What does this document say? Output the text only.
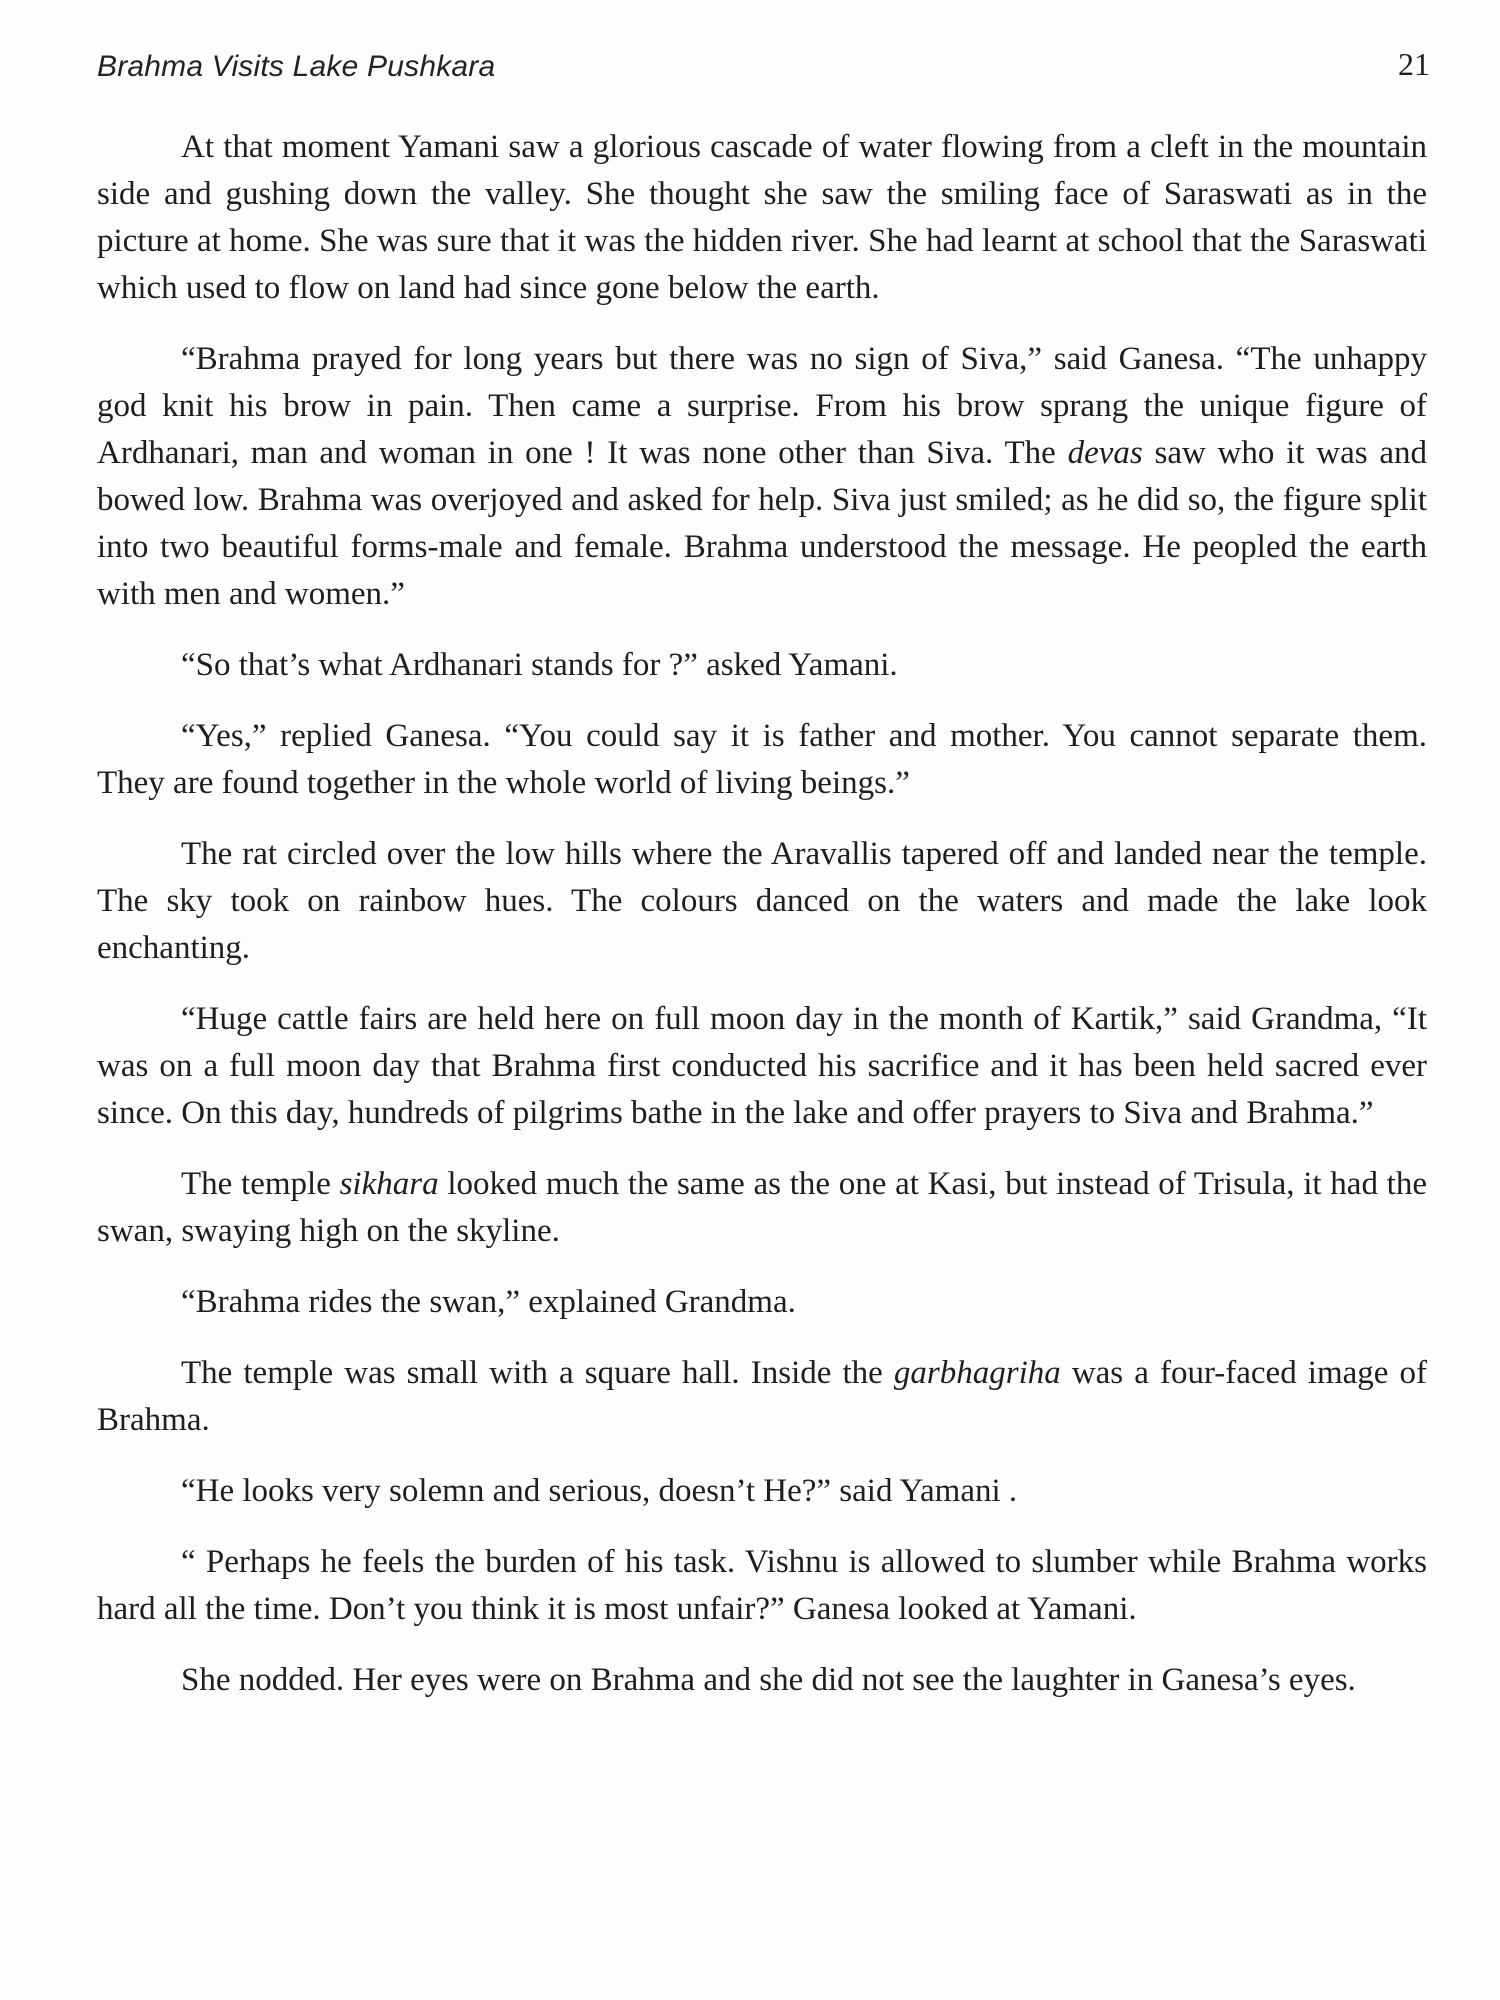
Brahma Visits Lake Pushkara	21

At that moment Yamani saw a glorious cascade of water flowing from a cleft in the mountain side and gushing down the valley. She thought she saw the smiling face of Saraswati as in the picture at home. She was sure that it was the hidden river. She had learnt at school that the Saraswati which used to flow on land had since gone below the earth.

“Brahma prayed for long years but there was no sign of Siva,” said Ganesa. “The unhappy god knit his brow in pain. Then came a surprise. From his brow sprang the unique figure of Ardhanari, man and woman in one ! It was none other than Siva. The devas saw who it was and bowed low. Brahma was overjoyed and asked for help. Siva just smiled; as he did so, the figure split into two beautiful forms-male and female. Brahma understood the message. He peopled the earth with men and women.”

“So that’s what Ardhanari stands for ?” asked Yamani.

“Yes,” replied Ganesa. “You could say it is father and mother. You cannot separate them. They are found together in the whole world of living beings.”

The rat circled over the low hills where the Aravallis tapered off and landed near the temple. The sky took on rainbow hues. The colours danced on the waters and made the lake look enchanting.

“Huge cattle fairs are held here on full moon day in the month of Kartik,” said Grandma, “It was on a full moon day that Brahma first conducted his sacrifice and it has been held sacred ever since. On this day, hundreds of pilgrims bathe in the lake and offer prayers to Siva and Brahma.”

The temple sikhara looked much the same as the one at Kasi, but instead of Trisula, it had the swan, swaying high on the skyline.

“Brahma rides the swan,” explained Grandma.

The temple was small with a square hall. Inside the garbhagriha was a four-faced image of Brahma.

“He looks very solemn and serious, doesn’t He?” said Yamani .

“ Perhaps he feels the burden of his task. Vishnu is allowed to slumber while Brahma works hard all the time. Don’t you think it is most unfair?” Ganesa looked at Yamani.

She nodded. Her eyes were on Brahma and she did not see the laughter in Ganesa’s eyes.
